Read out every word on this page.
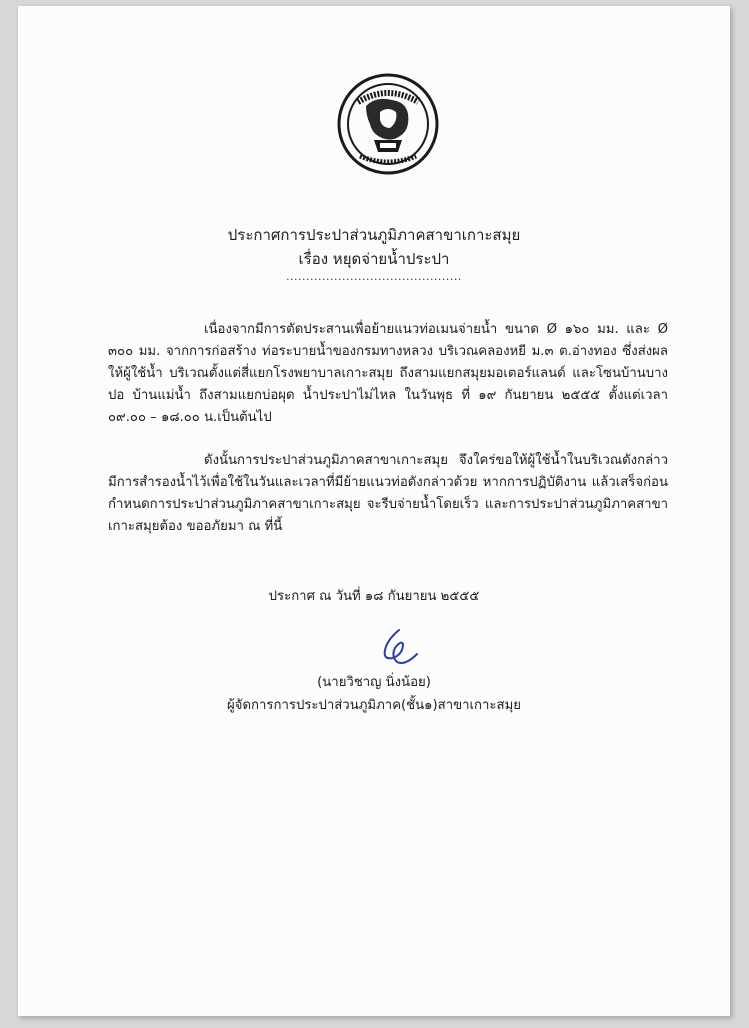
ประกาศการประปาส่วนภูมิภาคสาขาเกาะสมุย
เรื่อง หยุดจ่ายน้ำประปา
............................................

เนื่องจากมีการตัดประสานเพื่อย้ายแนวท่อเมนจ่ายน้ำ ขนาด Ø ๑๖๐ มม. และ Ø ๓๐๐ มม. จากการก่อสร้าง ท่อระบายน้ำของกรมทางหลวง บริเวณคลองหยี ม.๓ ต.อ่างทอง ซึ่งส่งผลให้ผู้ใช้น้ำ บริเวณตั้งแต่สี่แยกโรงพยาบาลเกาะสมุย ถึงสามแยกสมุยมอเตอร์แลนด์ และโซนบ้านบางปอ บ้านแม่น้ำ ถึงสามแยกบ่อผุด น้ำประปาไม่ไหล ในวันพุธ ที่ ๑๙ กันยายน ๒๕๕๕ ตั้งแต่เวลา ๐๙.๐๐ – ๑๘.๐๐ น.เป็นต้นไป

ดังนั้นการประปาส่วนภูมิภาคสาขาเกาะสมุย จึงใคร่ขอให้ผู้ใช้น้ำในบริเวณดังกล่าวมีการสำรองน้ำไว้เพื่อใช้ในวันและเวลาที่มีย้ายแนวท่อดังกล่าวด้วย หากการปฏิบัติงาน แล้วเสร็จก่อนกำหนดการประปาส่วนภูมิภาคสาขาเกาะสมุย จะรีบจ่ายน้ำโดยเร็ว และการประปาส่วนภูมิภาคสาขาเกาะสมุยต้อง ขออภัยมา ณ ที่นี้

ประกาศ ณ วันที่ ๑๘ กันยายน ๒๕๕๕
(นายวิชาญ นิ่งน้อย)
ผู้จัดการการประปาส่วนภูมิภาค(ชั้น๑)สาขาเกาะสมุย
